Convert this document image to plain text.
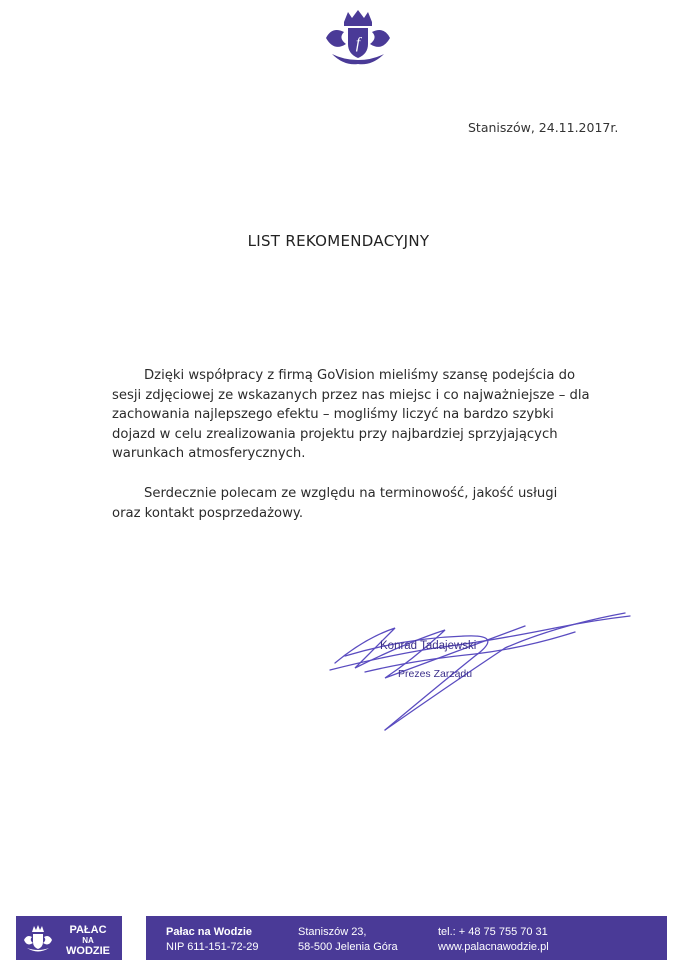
f
Staniszów, 24.11.2017r.
LIST REKOMENDACYJNY
Dzięki współpracy z firmą GoVision mieliśmy szansę podejścia do
sesji zdjęciowej ze wskazanych przez nas miejsc i co najważniejsze – dla
zachowania najlepszego efektu – mogliśmy liczyć na bardzo szybki
dojazd w celu zrealizowania projektu przy najbardziej sprzyjających
warunkach atmosferycznych.
Serdecznie polecam ze względu na terminowość, jakość usługi
oraz kontakt posprzedażowy.
Konrad Tadajewski
Prezes Zarządu
PAŁAC
NA
WODZIE
Pałac na Wodzie
NIP 611-151-72-29
Staniszów 23,
58-500 Jelenia Góra
tel.: + 48 75 755 70 31
www.palacnawodzie.pl
